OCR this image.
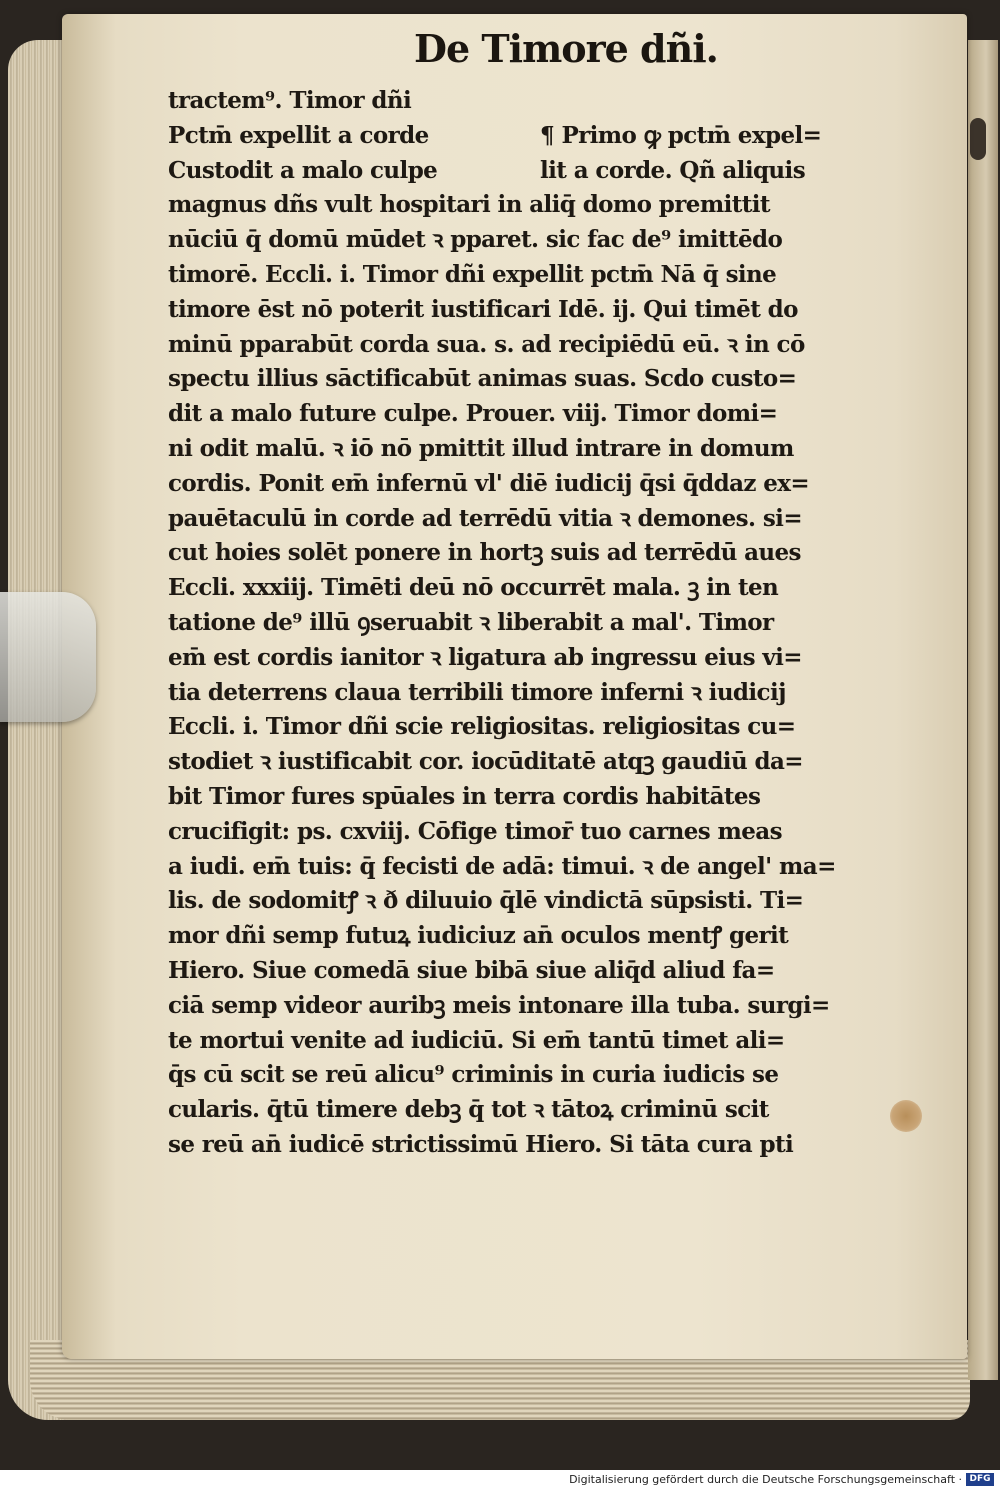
De Timore dñi.
tractem⁹. Timor dñi
Pctm̄ expellit a corde	¶ Primo ꝙ pctm̄ expel=
Custodit a malo culpe	lit a corde. Qñ aliquis
magnus dñs vult hospitari in aliq̄ domo premittit
nūciū q̄ domū mūdet ꝛ pparet. sic fac de⁹ imittēdo
timorē. Eccli. i. Timor dñi expellit pctm̄ Nā q̄ sine
timore ēst nō poterit iustificari Idē. ij. Qui timēt do
minū pparabūt corda sua. s. ad recipiēdū eū. ꝛ in cō
spectu illius sāctificabūt animas suas. Scdo custo=
dit a malo future culpe. Prouer. viij. Timor domi=
ni odit malū. ꝛ iō nō pmittit illud intrare in domum
cordis. Ponit em̄ infernū vl' diē iudicij q̄si q̄ddaz ex=
pauētaculū in corde ad terrēdū vitia ꝛ demones. si=
cut hoies solēt ponere in hortꝫ suis ad terrēdū aues
Eccli. xxxiij. Timēti deū nō occurrēt mala. ꝫ in ten
tatione de⁹ illū ꝯseruabit ꝛ liberabit a mal'. Timor
em̄ est cordis ianitor ꝛ ligatura ab ingressu eius vi=
tia deterrens claua terribili timore inferni ꝛ iudicij
Eccli. i. Timor dñi scie religiositas. religiositas cu=
stodiet ꝛ iustificabit cor. iocūditatē atqꝫ gaudiū da=
bit Timor fures spūales in terra cordis habitātes
crucifigit: ps. cxviij. Cōfige timor̄ tuo carnes meas
a iudi. em̄ tuis: q̄ fecisti de adā: timui. ꝛ de angel' ma=
lis. de sodomitꝭ ꝛ ð diluuio q̄lē vindictā sūpsisti. Ti=
mor dñi semp futuꝝ iudiciuz an̄ oculos mentꝭ gerit
Hiero. Siue comedā siue bibā siue aliq̄d aliud fa=
ciā semp videor auribꝫ meis intonare illa tuba. surgi=
te mortui venite ad iudiciū. Si em̄ tantū timet ali=
q̄s cū scit se reū alicu⁹ criminis in curia iudicis se
cularis. q̄tū timere debꝫ q̄ tot ꝛ tātoꝝ criminū scit
se reū an̄ iudicē strictissimū Hiero. Si tāta cura pti
Digitalisierung gefördert durch die Deutsche Forschungsgemeinschaft · DFG
